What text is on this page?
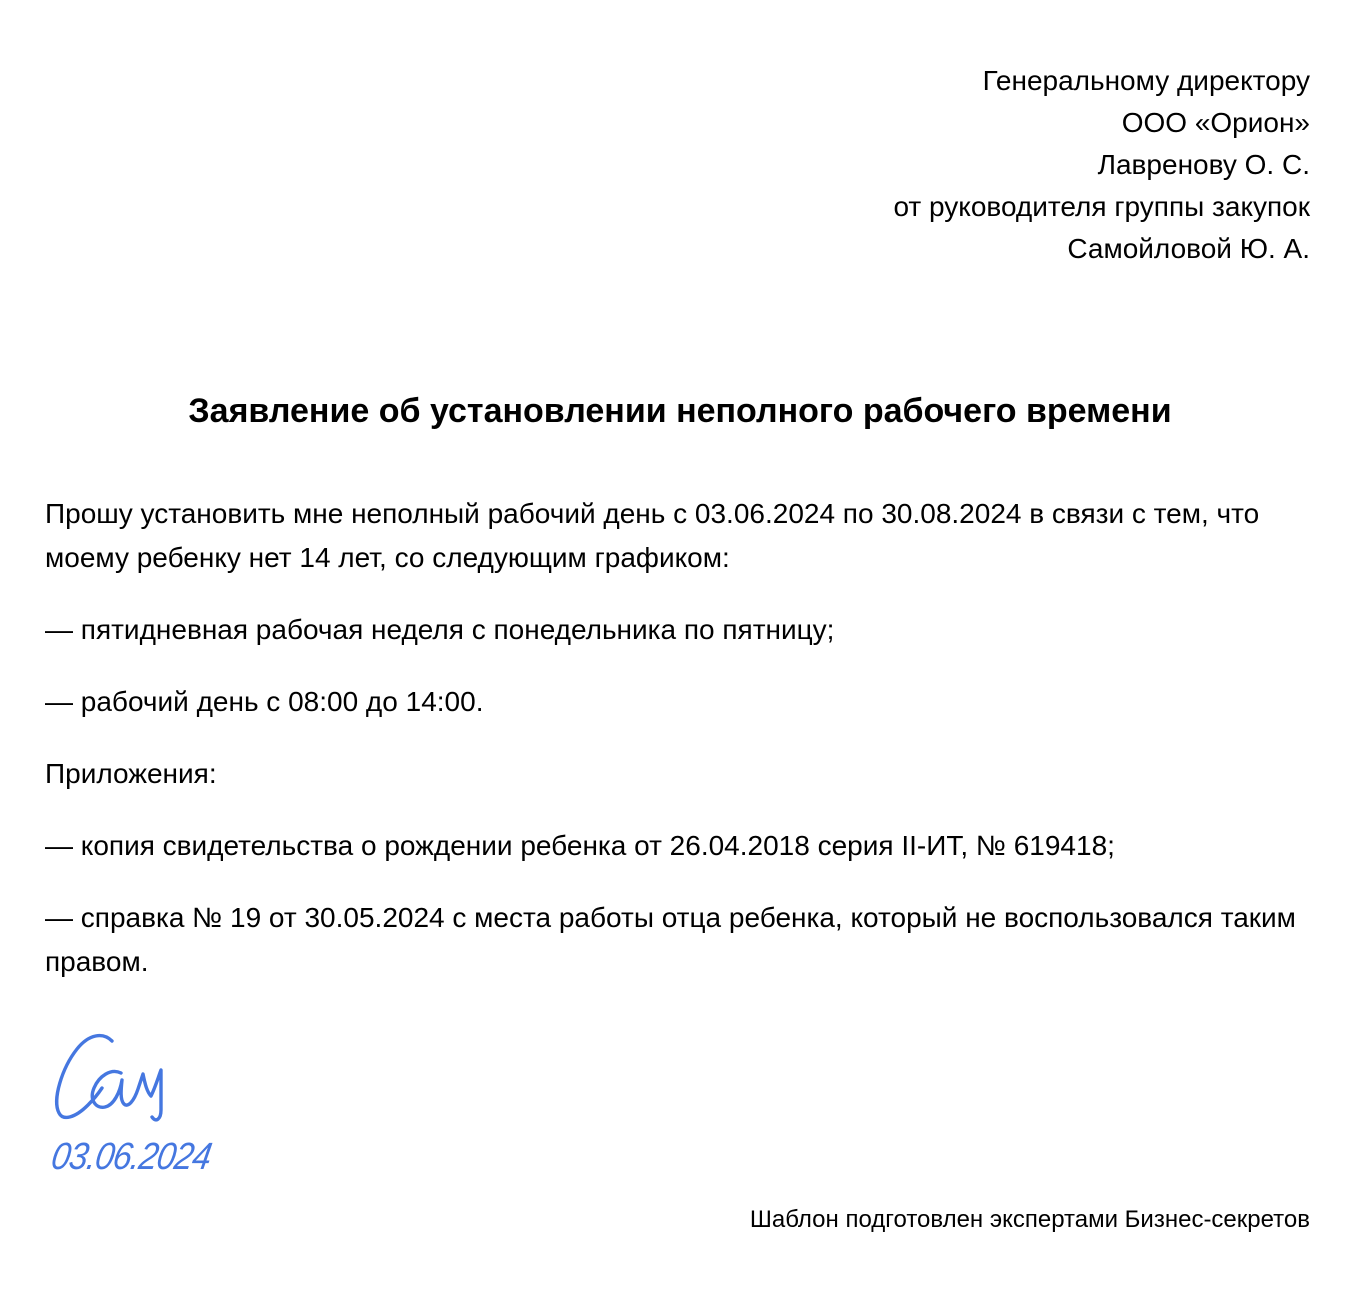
Генеральному директору
ООО «Орион»
Лавренову О. С.
от руководителя группы закупок
Самойловой Ю. А.
Заявление об установлении неполного рабочего времени

Прошу установить мне неполный рабочий день с 03.06.2024 по 30.08.2024 в связи с тем, что моему ребенку нет 14 лет, со следующим графиком:

— пятидневная рабочая неделя с понедельника по пятницу;

— рабочий день с 08:00 до 14:00.

Приложения:

— копия свидетельства о рождении ребенка от 26.04.2018 серия II-ИТ, № 619418;

— справка № 19 от 30.05.2024 с места работы отца ребенка, который не воспользовался таким правом.

03.06.2024
Шаблон подготовлен экспертами Бизнес-секретов
